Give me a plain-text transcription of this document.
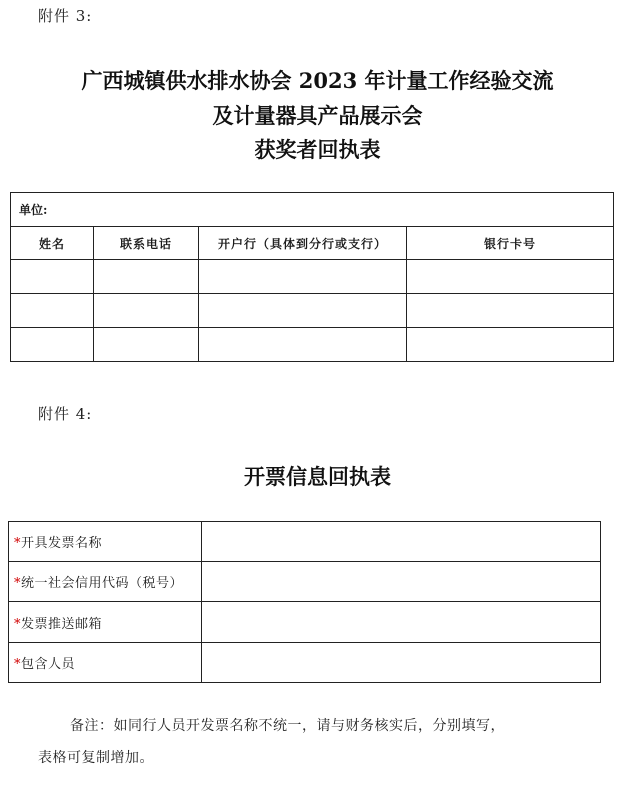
附件 3:
广西城镇供水排水协会 2023 年计量工作经验交流
及计量器具产品展示会
获奖者回执表
单位:			
姓名	联系电话	开户行（具体到分行或支行）	银行卡号

附件 4:
开票信息回执表
*开具发票名称	
*统一社会信用代码（税号）	
*发票推送邮箱	
*包含人员	
备注：如同行人员开发票名称不统一，请与财务核实后，分别填写，
表格可复制增加。
